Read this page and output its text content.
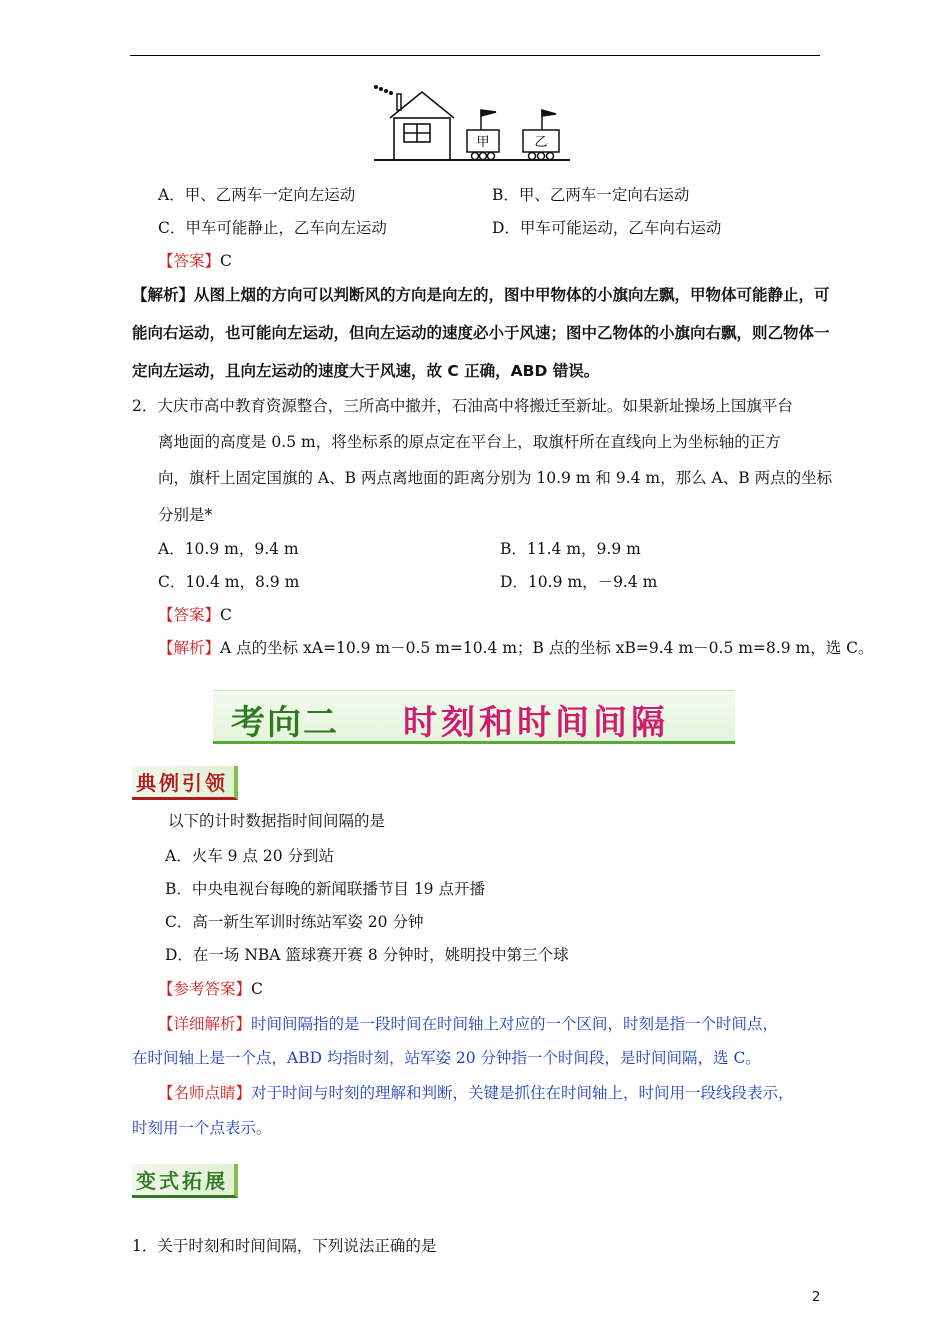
甲	乙
A．甲、乙两车一定向左运动	B．甲、乙两车一定向右运动
C．甲车可能静止，乙车向左运动	D．甲车可能运动，乙车向右运动
【答案】C
【解析】从图上烟的方向可以判断风的方向是向左的，图中甲物体的小旗向左飘，甲物体可能静止，可
能向右运动，也可能向左运动，但向左运动的速度必小于风速；图中乙物体的小旗向右飘，则乙物体一
定向左运动，且向左运动的速度大于风速，故 C 正确，ABD 错误。
2．大庆市高中教育资源整合，三所高中撤并，石油高中将搬迁至新址。如果新址操场上国旗平台
离地面的高度是 0.5 m，将坐标系的原点定在平台上，取旗杆所在直线向上为坐标轴的正方
向，旗杆上固定国旗的 A、B 两点离地面的距离分别为 10.9 m 和 9.4 m，那么 A、B 两点的坐标
分别是*
A．10.9 m，9.4 m	B．11.4 m，9.9 m
C．10.4 m，8.9 m	D．10.9 m，－9.4 m
【答案】C
【解析】A 点的坐标 xA=10.9 m－0.5 m=10.4 m；B 点的坐标 xB=9.4 m－0.5 m=8.9 m，选 C。
考向二 时刻和时间间隔
典例引领
以下的计时数据指时间间隔的是
A．火车 9 点 20 分到站
B．中央电视台每晚的新闻联播节目 19 点开播
C．高一新生军训时练站军姿 20 分钟
D．在一场 NBA 篮球赛开赛 8 分钟时，姚明投中第三个球
【参考答案】C
【详细解析】时间间隔指的是一段时间在时间轴上对应的一个区间，时刻是指一个时间点，
在时间轴上是一个点，ABD 均指时刻，站军姿 20 分钟指一个时间段，是时间间隔，选 C。
【名师点睛】对于时间与时刻的理解和判断，关键是抓住在时间轴上，时间用一段线段表示，
时刻用一个点表示。
变式拓展
1．关于时刻和时间间隔，下列说法正确的是
2
